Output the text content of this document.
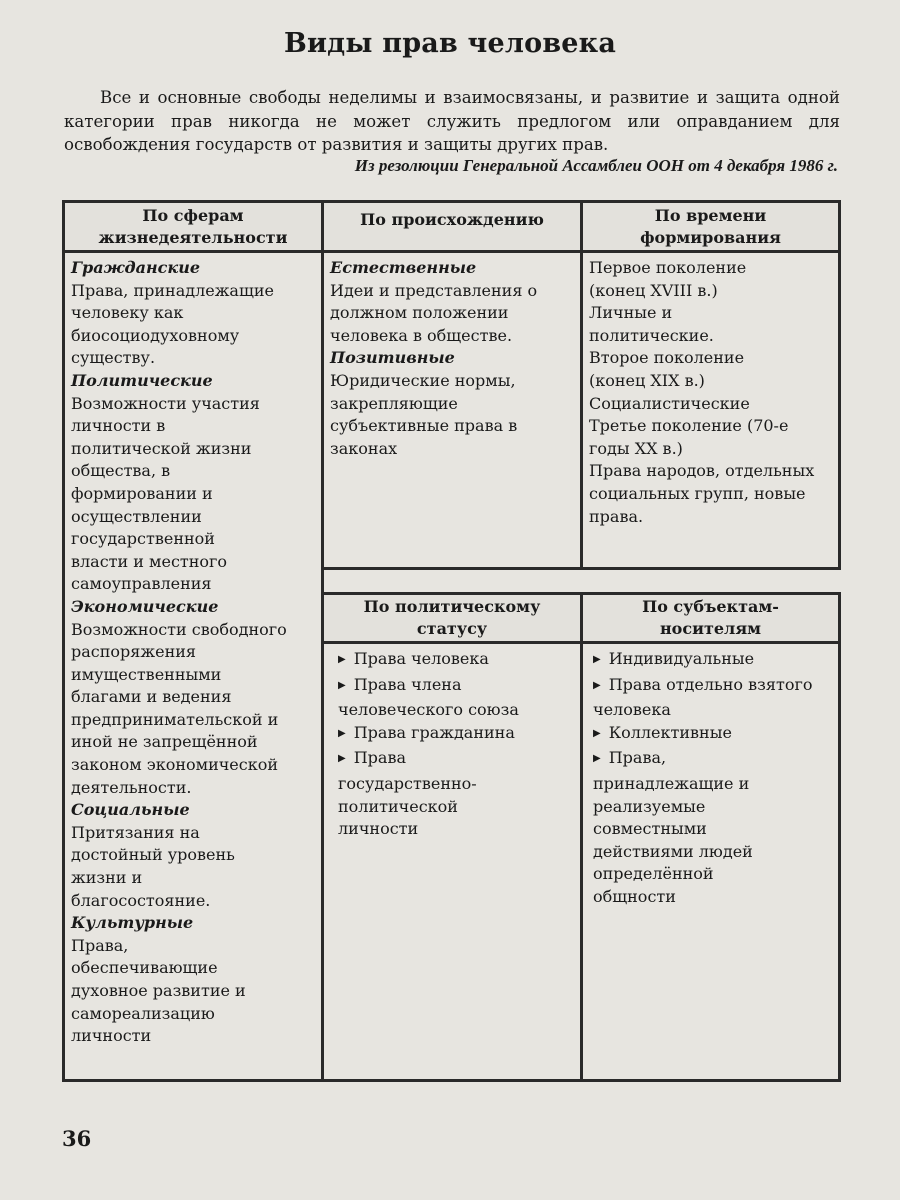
Виды прав человека

Все и основные свободы неделимы и взаимосвязаны, и развитие и защита одной категории прав никогда не может служить предлогом или оправданием для освобождения государств от развития и защиты других прав.

Из резолюции Генеральной Ассамблеи ООН от 4 декабря 1986 г.
По сферам жизнедеятельности
Гражданские
Права, принадлежащие человеку как биосоциодуховному существу.
Политические
Возможности участия личности в политической жизни общества, в формировании и осуществлении государственной власти и местного самоуправления
Экономические
Возможности свободного распоряжения имущественными благами и ведения предпринимательской и иной не запрещённой законом экономической деятельности.
Социальные
Притязания на достойный уровень жизни и благосостояние.
Культурные
Права, обеспечивающие духовное развитие и самореализацию личности
По происхождению	По времени формирования
Естественные
Идеи и представления о должном положении человека в обществе.
Позитивные
Юридические нормы, закрепляющие субъективные права в законах
Первое поколение (конец XVIII в.)
Личные и политические.
Второе поколение (конец XIX в.)
Социалистические
Третье поколение (70-е годы XX в.)
Права народов, отдельных социальных групп, новые права.
По политическому статусу
По субъектам-носителям
▶ Права человека
▶ Права члена человеческого союза
▶ Права гражданина
▶ Права государственно-политической личности
▶ Индивидуальные
▶ Права отдельно взятого человека
▶ Коллективные
▶ Права, принадлежащие и реализуемые совместными действиями людей определённой общности
36
